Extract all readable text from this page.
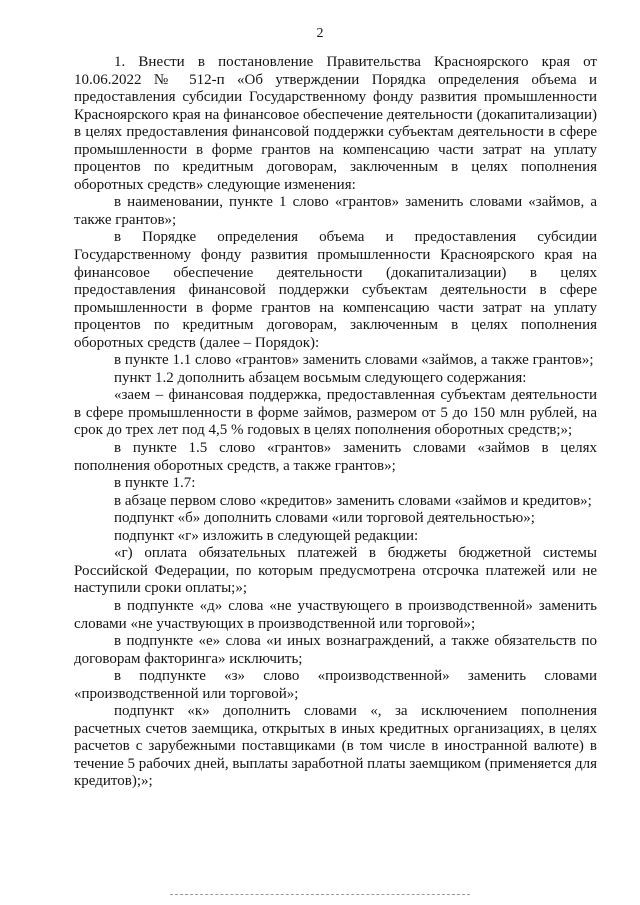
2

1. Внести в постановление Правительства Красноярского края от 10.06.2022 № 512-п «Об утверждении Порядка определения объема и предоставления субсидии Государственному фонду развития промышленности Красноярского края на финансовое обеспечение деятельности (докапитализации) в целях предоставления финансовой поддержки субъектам деятельности в сфере промышленности в форме грантов на компенсацию части затрат на уплату процентов по кредитным договорам, заключенным в целях пополнения оборотных средств» следующие изменения:

в наименовании, пункте 1 слово «грантов» заменить словами «займов, а также грантов»;

в Порядке определения объема и предоставления субсидии Государственному фонду развития промышленности Красноярского края на финансовое обеспечение деятельности (докапитализации) в целях предоставления финансовой поддержки субъектам деятельности в сфере промышленности в форме грантов на компенсацию части затрат на уплату процентов по кредитным договорам, заключенным в целях пополнения оборотных средств (далее – Порядок):

в пункте 1.1 слово «грантов» заменить словами «займов, а также грантов»;

пункт 1.2 дополнить абзацем восьмым следующего содержания:

«заем – финансовая поддержка, предоставленная субъектам деятельности в сфере промышленности в форме займов, размером от 5 до 150 млн рублей, на срок до трех лет под 4,5 % годовых в целях пополнения оборотных средств;»;

в пункте 1.5 слово «грантов» заменить словами «займов в целях пополнения оборотных средств, а также грантов»;

в пункте 1.7:

в абзаце первом слово «кредитов» заменить словами «займов и кредитов»;

подпункт «б» дополнить словами «или торговой деятельностью»;

подпункт «г» изложить в следующей редакции:

«г) оплата обязательных платежей в бюджеты бюджетной системы Российской Федерации, по которым предусмотрена отсрочка платежей или не наступили сроки оплаты;»;

в подпункте «д» слова «не участвующего в производственной» заменить словами «не участвующих в производственной или торговой»;

в подпункте «е» слова «и иных вознаграждений, а также обязательств по договорам факторинга» исключить;

в подпункте «з» слово «производственной» заменить словами «производственной или торговой»;

подпункт «к» дополнить словами «, за исключением пополнения расчетных счетов заемщика, открытых в иных кредитных организациях, в целях расчетов с зарубежными поставщиками (в том числе в иностранной валюте) в течение 5 рабочих дней, выплаты заработной платы заемщиком (применяется для кредитов);»;
